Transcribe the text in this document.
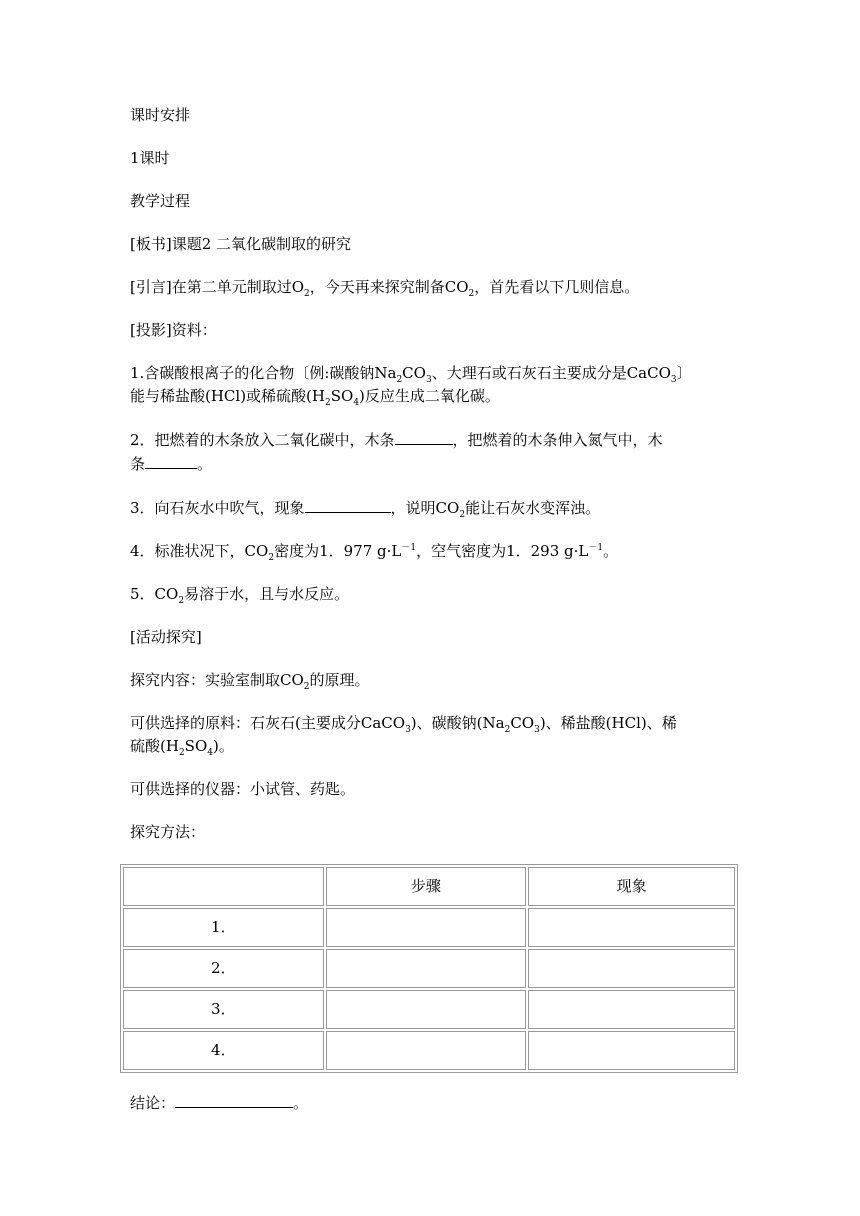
课时安排

1课时

教学过程

[板书]课题2 二氧化碳制取的研究

[引言]在第二单元制取过$O_2$，今天再来探究制备$CO_2$，首先看以下几则信息。

[投影]资料：

1.含碳酸根离子的化合物〔例:碳酸钠$Na_2CO_3$、大理石或石灰石主要成分是CaCO$_3$〕
能与稀盐酸(HCl)或稀硫酸$(H_2SO_4)$反应生成二氧化碳。

2．把燃着的木条放入二氧化碳中，木条	，把燃着的木条伸入氮气中，木
条	。

3．向石灰水中吹气，现象	，说明$CO_2$能让石灰水变浑浊。

4．标准状况下，$CO_2$密度为1．977 $g\cdot L^{-1}$，空气密度为1．293 $g\cdot L^{-1}$。

5．$CO_2$易溶于水，且与水反应。

[活动探究]

探究内容：实验室制取$CO_2$的原理。

可供选择的原料：石灰石(主要成分CaCO$_3$)、碳酸钠$(Na_2CO_3)$、稀盐酸(HCl)、稀
硫酸$(H_2SO_4)$。

可供选择的仪器：小试管、药匙。

探究方法：

	步骤	现象
1．		
2．		
3．		
4．		

结论：	。
